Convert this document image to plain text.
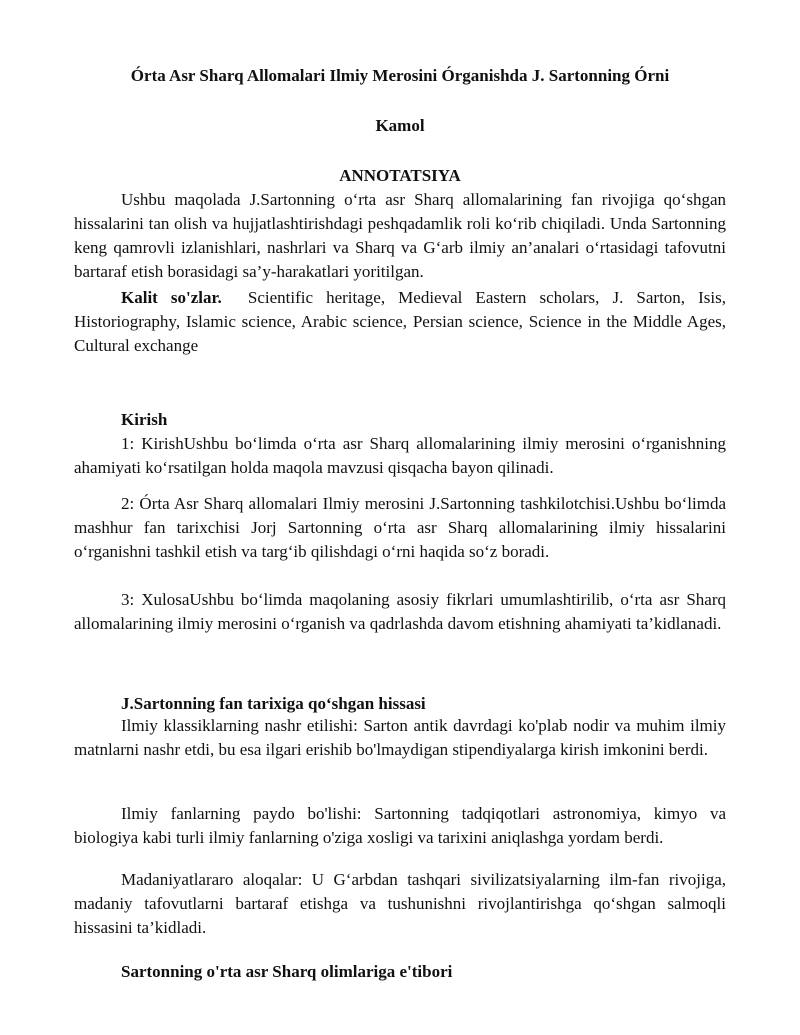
Órta Asr Sharq Allomalari Ilmiy Merosini Órganishda J. Sartonning Órni
Kamol
ANNOTATSIYA

Ushbu maqolada J.Sartonning o‘rta asr Sharq allomalarining fan rivojiga qo‘shgan hissalarini tan olish va hujjatlashtirishdagi peshqadamlik roli ko‘rib chiqiladi. Unda Sartonning keng qamrovli izlanishlari, nashrlari va Sharq va G‘arb ilmiy an’analari o‘rtasidagi tafovutni bartaraf etish borasidagi sa’y-harakatlari yoritilgan.

Kalit so'zlar. Scientific heritage, Medieval Eastern scholars, J. Sarton, Isis, Historiography, Islamic science, Arabic science, Persian science, Science in the Middle Ages, Cultural exchange

Kirish

1: KirishUshbu bo‘limda o‘rta asr Sharq allomalarining ilmiy merosini o‘rganishning ahamiyati ko‘rsatilgan holda maqola mavzusi qisqacha bayon qilinadi.

2: Órta Asr Sharq allomalari Ilmiy merosini J.Sartonning tashkilotchisi.Ushbu bo‘limda mashhur fan tarixchisi Jorj Sartonning o‘rta asr Sharq allomalarining ilmiy hissalarini o‘rganishni tashkil etish va targ‘ib qilishdagi o‘rni haqida so‘z boradi.

3: XulosaUshbu bo‘limda maqolaning asosiy fikrlari umumlashtirilib, o‘rta asr Sharq allomalarining ilmiy merosini o‘rganish va qadrlashda davom etishning ahamiyati ta’kidlanadi.

J.Sartonning fan tarixiga qo‘shgan hissasi

Ilmiy klassiklarning nashr etilishi: Sarton antik davrdagi ko'plab nodir va muhim ilmiy matnlarni nashr etdi, bu esa ilgari erishib bo'lmaydigan stipendiyalarga kirish imkonini berdi.

Ilmiy fanlarning paydo bo'lishi: Sartonning tadqiqotlari astronomiya, kimyo va biologiya kabi turli ilmiy fanlarning o'ziga xosligi va tarixini aniqlashga yordam berdi.

Madaniyatlararo aloqalar: U G‘arbdan tashqari sivilizatsiyalarning ilm-fan rivojiga, madaniy tafovutlarni bartaraf etishga va tushunishni rivojlantirishga qo‘shgan salmoqli hissasini ta’kidladi.

Sartonning o'rta asr Sharq olimlariga e'tibori
